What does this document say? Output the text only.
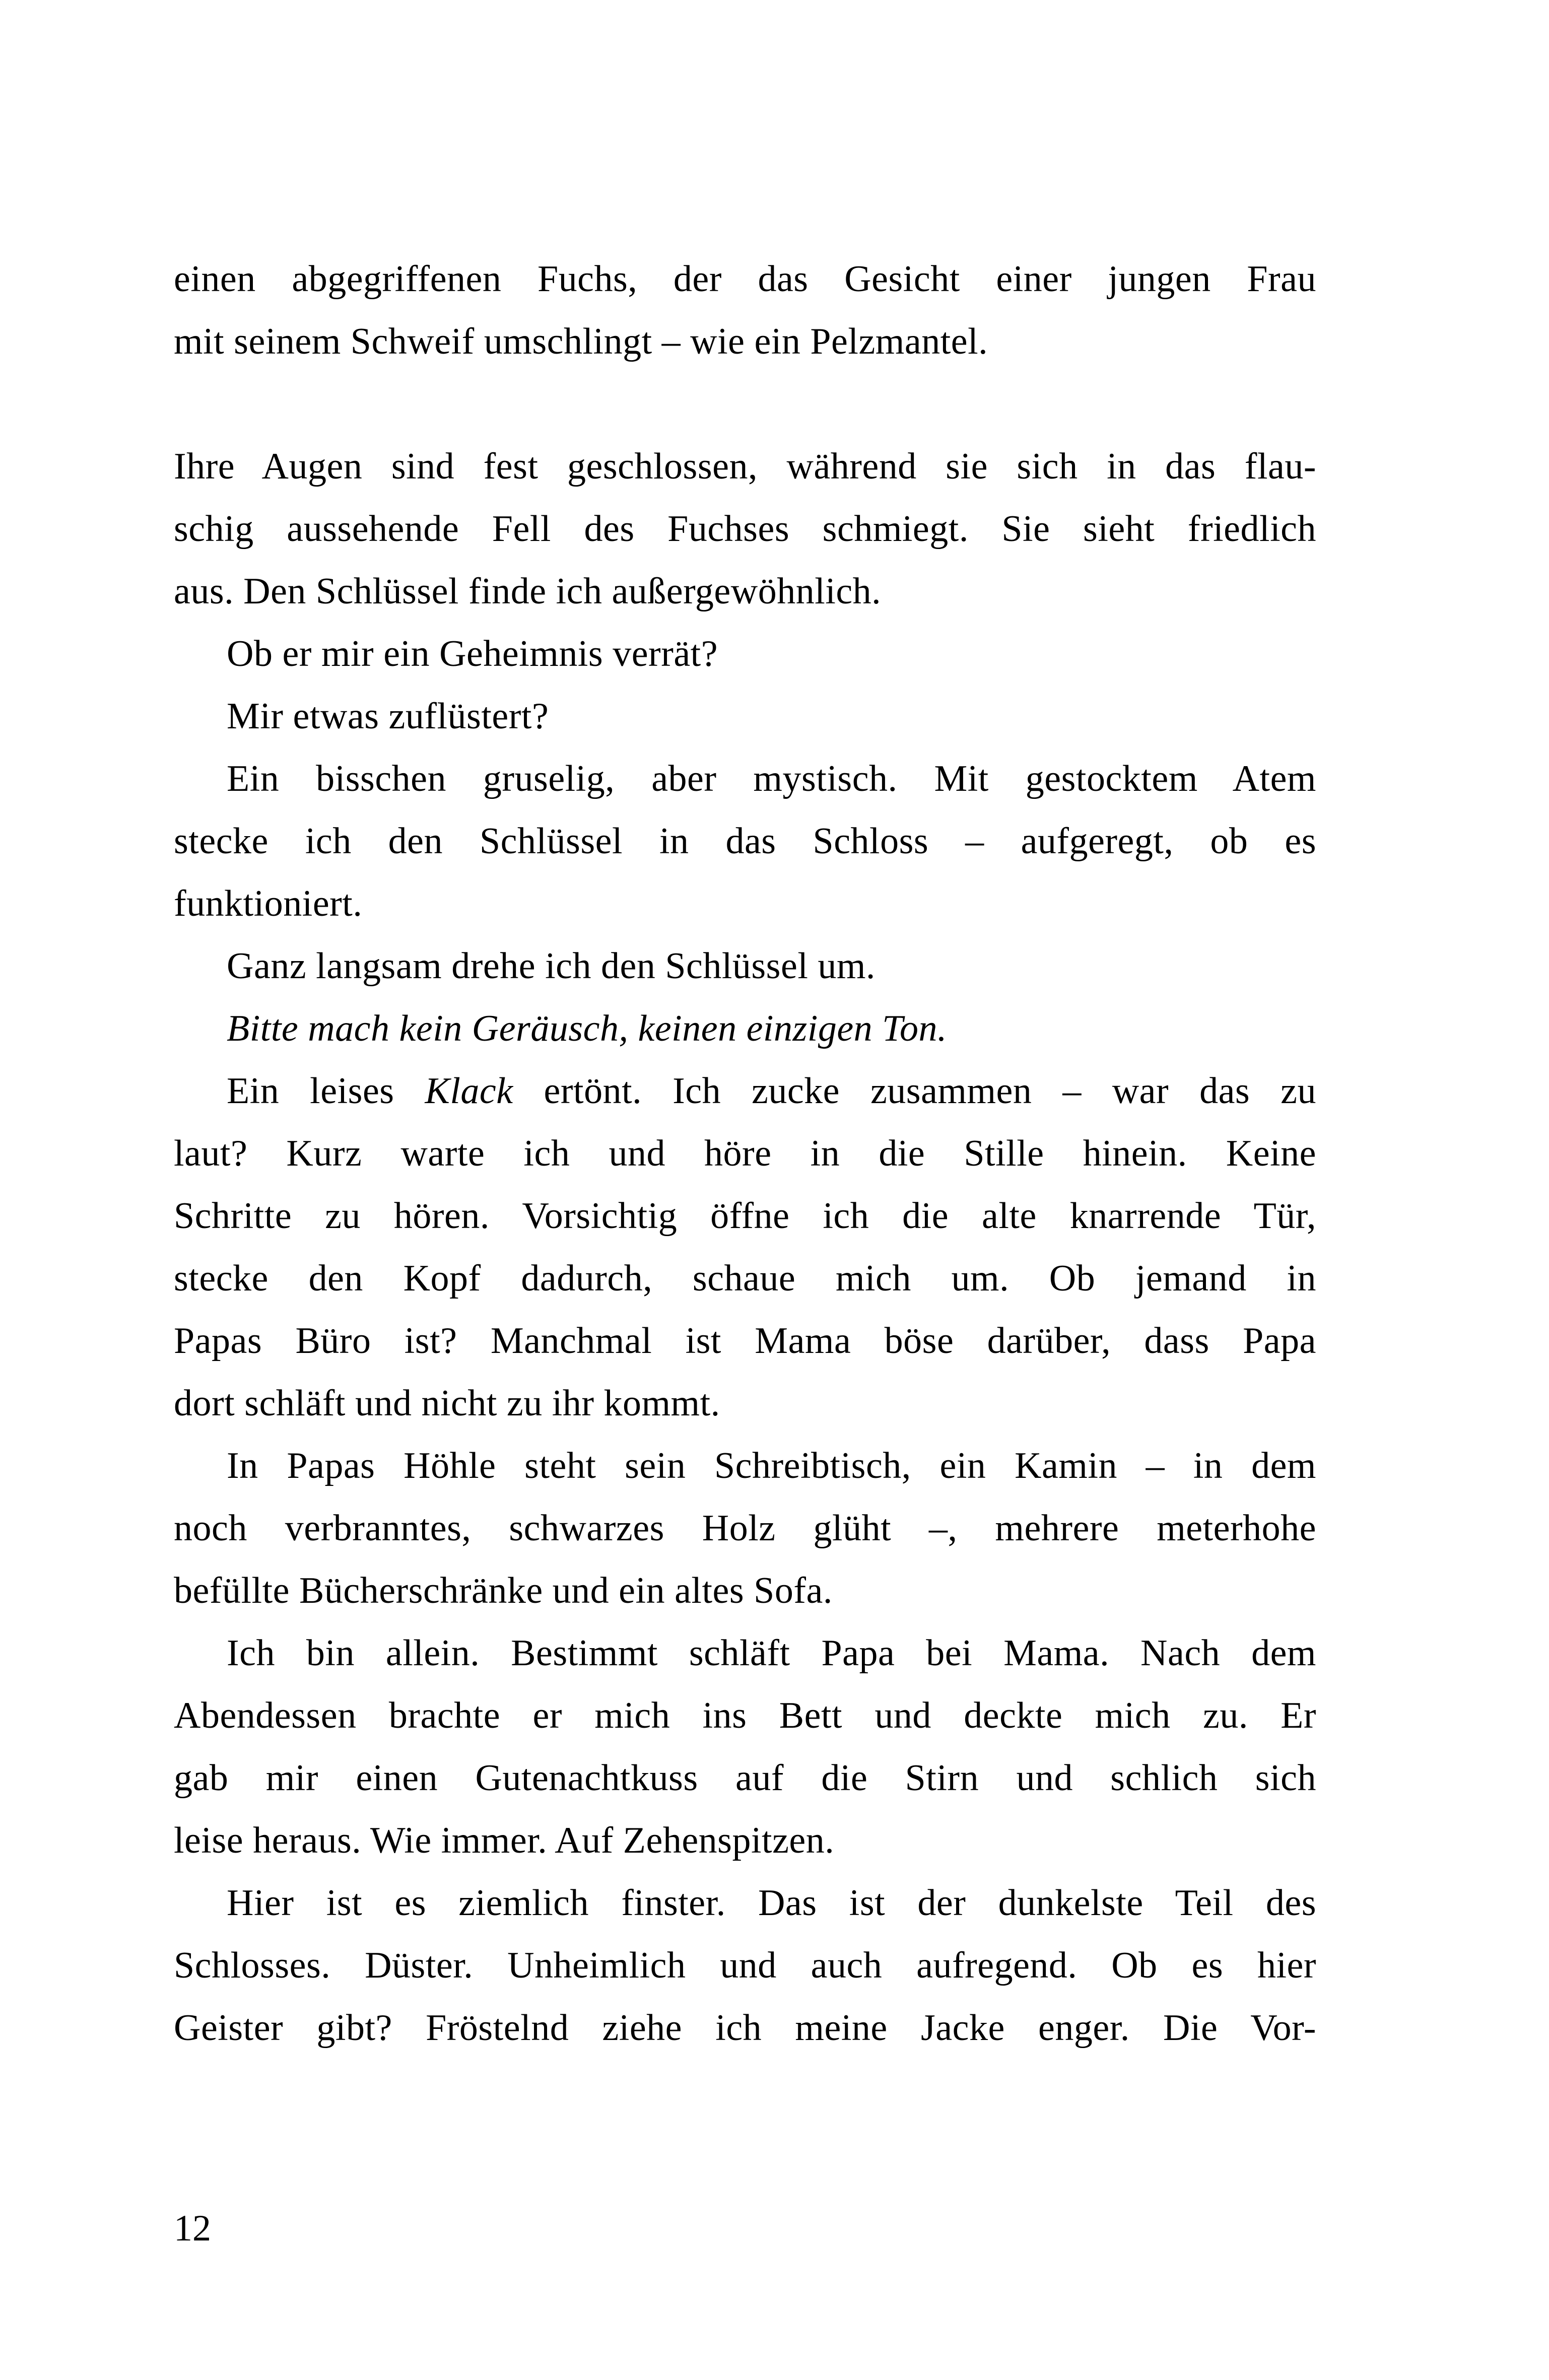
einen abgegriffenen Fuchs, der das Gesicht einer jungen Frau
mit seinem Schweif umschlingt – wie ein Pelzmantel.
Ihre Augen sind fest geschlossen, während sie sich in das flau-
schig aussehende Fell des Fuchses schmiegt. Sie sieht friedlich
aus. Den Schlüssel finde ich außergewöhnlich.
Ob er mir ein Geheimnis verrät?
Mir etwas zuflüstert?
Ein bisschen gruselig, aber mystisch. Mit gestocktem Atem
stecke ich den Schlüssel in das Schloss – aufgeregt, ob es
funktioniert.
Ganz langsam drehe ich den Schlüssel um.
Bitte mach kein Geräusch, keinen einzigen Ton.
Ein leises Klack ertönt. Ich zucke zusammen – war das zu
laut? Kurz warte ich und höre in die Stille hinein. Keine
Schritte zu hören. Vorsichtig öffne ich die alte knarrende Tür,
stecke den Kopf dadurch, schaue mich um. Ob jemand in
Papas Büro ist? Manchmal ist Mama böse darüber, dass Papa
dort schläft und nicht zu ihr kommt.
In Papas Höhle steht sein Schreibtisch, ein Kamin – in dem
noch verbranntes, schwarzes Holz glüht –, mehrere meterhohe
befüllte Bücherschränke und ein altes Sofa.
Ich bin allein. Bestimmt schläft Papa bei Mama. Nach dem
Abendessen brachte er mich ins Bett und deckte mich zu. Er
gab mir einen Gutenachtkuss auf die Stirn und schlich sich
leise heraus. Wie immer. Auf Zehenspitzen.
Hier ist es ziemlich finster. Das ist der dunkelste Teil des
Schlosses. Düster. Unheimlich und auch aufregend. Ob es hier
Geister gibt? Fröstelnd ziehe ich meine Jacke enger. Die Vor-
12
